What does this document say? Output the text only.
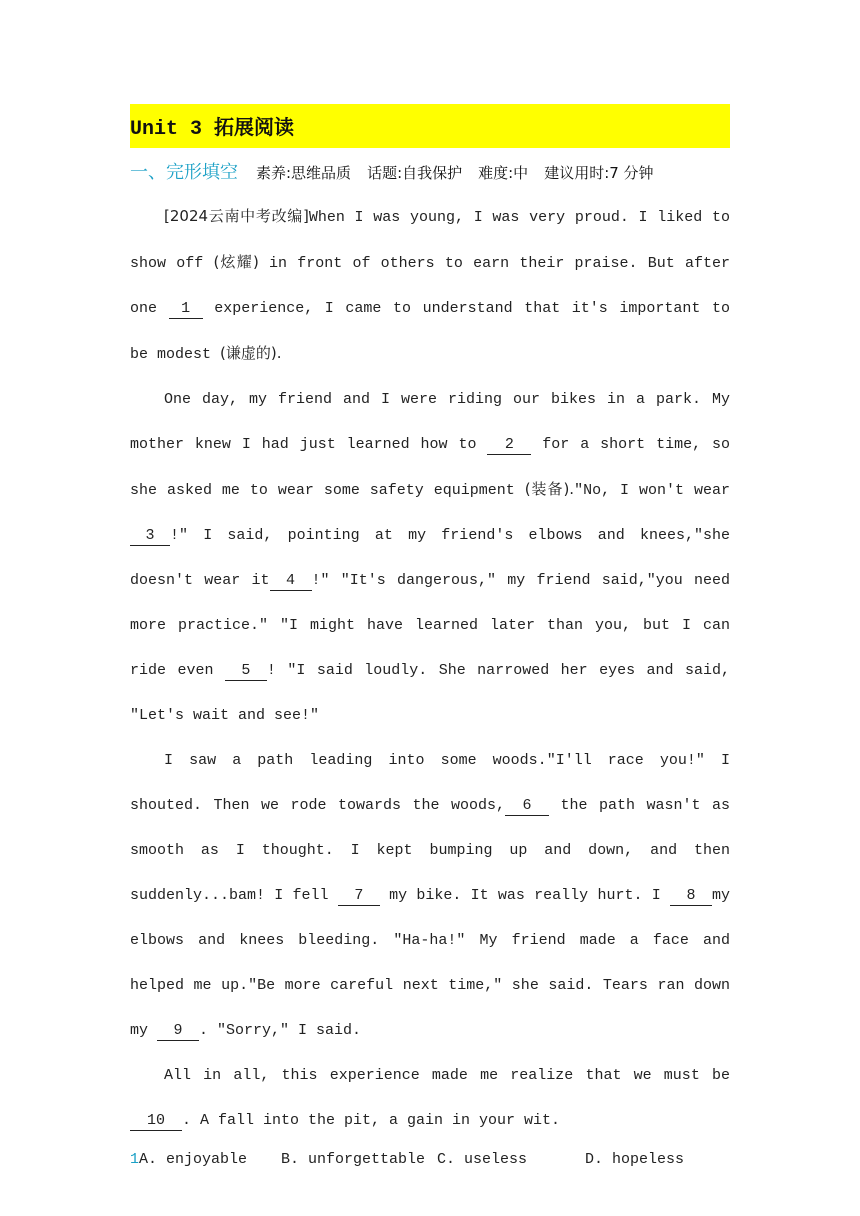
Unit 3 拓展阅读
一、完形填空 素养:思维品质 话题:自我保护 难度:中 建议用时:7 分钟

[2024云南中考改编]When I was young, I was very proud. I liked to show off (炫耀) in front of others to earn their praise. But after one 1 experience, I came to understand that it's important to be modest (谦虚的).

One day, my friend and I were riding our bikes in a park. My mother knew I had just learned how to 2 for a short time, so she asked me to wear some safety equipment (装备)."No, I won't wear 3 !" I said, pointing at my friend's elbows and knees,"she doesn't wear it 4 !" "It's dangerous," my friend said,"you need more practice." "I might have learned later than you, but I can ride even 5 ! "I said loudly. She narrowed her eyes and said, "Let's wait and see!"

I saw a path leading into some woods."I'll race you!" I shouted. Then we rode towards the woods, 6 the path wasn't as smooth as I thought. I kept bumping up and down, and then suddenly...bam! I fell 7 my bike. It was really hurt. I 8 my elbows and knees bleeding. "Ha-ha!" My friend made a face and helped me up."Be more careful next time," she said. Tears ran down my 9 . "Sorry," I said.

All in all, this experience made me realize that we must be 10 . A fall into the pit, a gain in your wit.

1A. enjoyable B. unforgettable C. useless	D. hopeless
